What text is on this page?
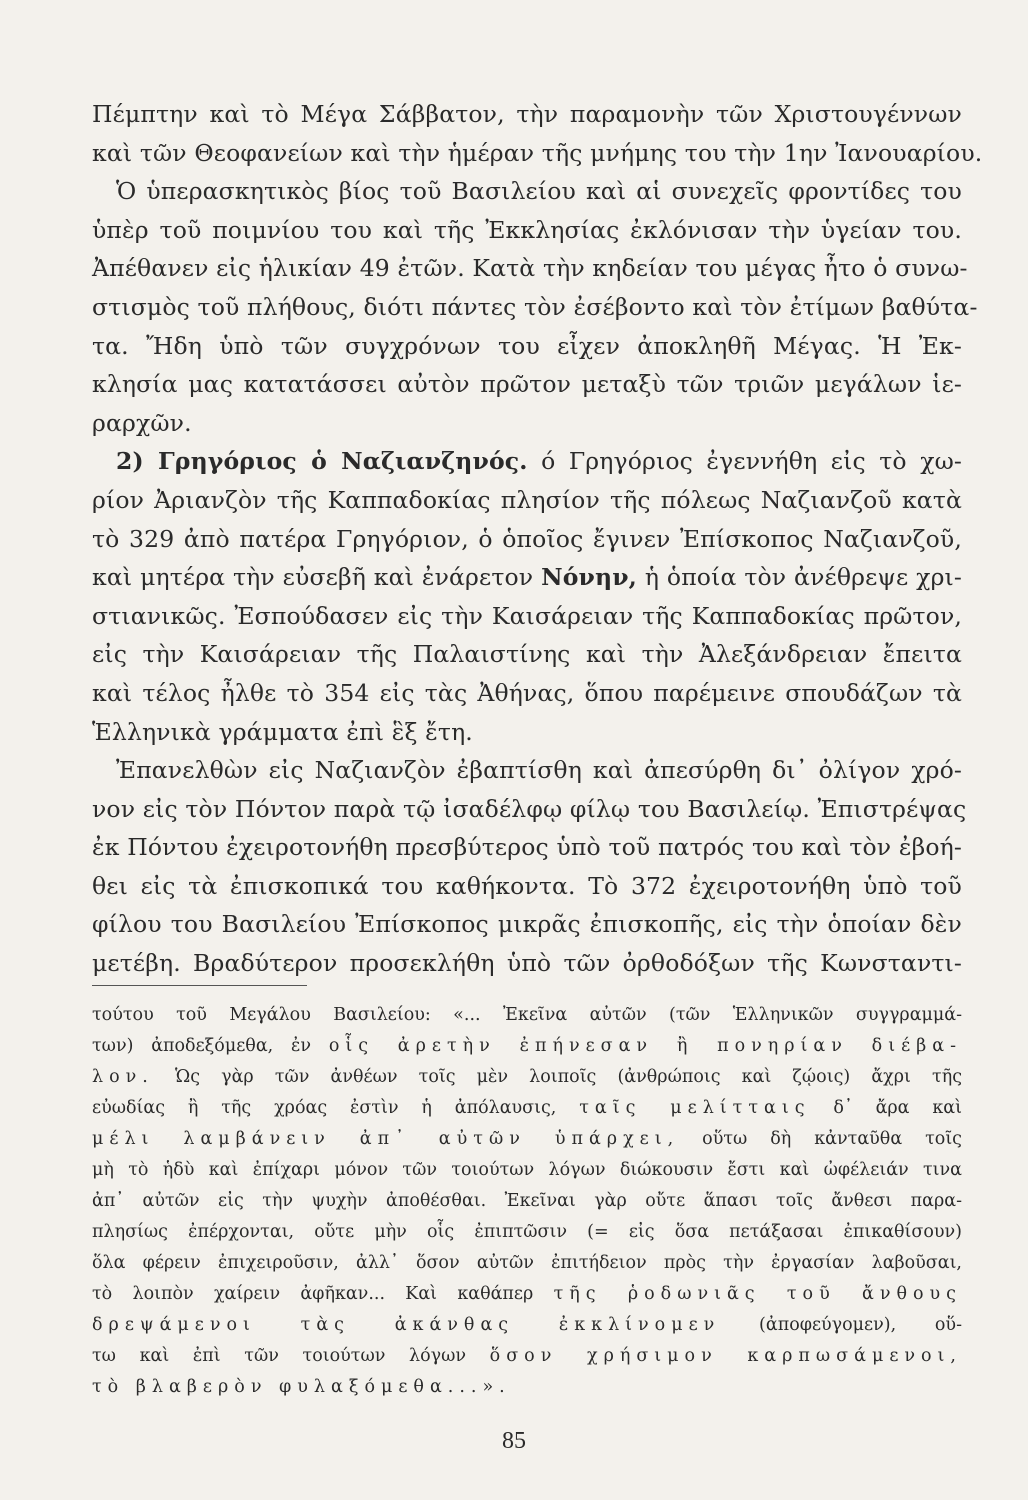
Πέμπτην καὶ τὸ Μέγα Σάββατον, τὴν παραμονὴν τῶν Χριστουγέννων
καὶ τῶν Θεοφανείων καὶ τὴν ἡμέραν τῆς μνήμης του τὴν 1ην Ἰανουαρίου.
Ὁ ὑπερασκητικὸς βίος τοῦ Βασιλείου καὶ αἱ συνεχεῖς φροντίδες του
ὑπὲρ τοῦ ποιμνίου του καὶ τῆς Ἐκκλησίας ἐκλόνισαν τὴν ὑγείαν του.
Ἀπέθανεν εἰς ἡλικίαν 49 ἐτῶν. Κατὰ τὴν κηδείαν του μέγας ἦτο ὁ συνω-
στισμὸς τοῦ πλήθους, διότι πάντες τὸν ἐσέβοντο καὶ τὸν ἐτίμων βαθύτα-
τα. Ἤδη ὑπὸ τῶν συγχρόνων του εἶχεν ἀποκληθῆ Μέγας. Ἡ Ἐκ-
κλησία μας κατατάσσει αὐτὸν πρῶτον μεταξὺ τῶν τριῶν μεγάλων ἱε-
ραρχῶν.
2) Γρηγόριος ὁ Ναζιανζηνός. ό Γρηγόριος ἐγεννήθη εἰς τὸ χω-
ρίον Ἀριανζὸν τῆς Καππαδοκίας πλησίον τῆς πόλεως Ναζιανζοῦ κατὰ
τὸ 329 ἀπὸ πατέρα Γρηγόριον, ὁ ὁποῖος ἔγινεν Ἐπίσκοπος Ναζιανζοῦ,
καὶ μητέρα τὴν εὐσεβῆ καὶ ἐνάρετον Νόνην, ἡ ὁποία τὸν ἀνέθρεψε χρι-
στιανικῶς. Ἐσπούδασεν εἰς τὴν Καισάρειαν τῆς Καππαδοκίας πρῶτον,
εἰς τὴν Καισάρειαν τῆς Παλαιστίνης καὶ τὴν Ἀλεξάνδρειαν ἔπειτα
καὶ τέλος ἦλθε τὸ 354 εἰς τὰς Ἀθήνας, ὅπου παρέμεινε σπουδάζων τὰ
Ἑλληνικὰ γράμματα ἐπὶ ἓξ ἔτη.
Ἐπανελθὼν εἰς Ναζιανζὸν ἐβαπτίσθη καὶ ἀπεσύρθη δι᾿ ὀλίγον χρό-
νον εἰς τὸν Πόντον παρὰ τῷ ἰσαδέλφῳ φίλῳ του Βασιλείῳ. Ἐπιστρέψας
ἐκ Πόντου ἐχειροτονήθη πρεσβύτερος ὑπὸ τοῦ πατρός του καὶ τὸν ἐβοή-
θει εἰς τὰ ἐπισκοπικά του καθήκοντα. Τὸ 372 ἐχειροτονήθη ὑπὸ τοῦ
φίλου του Βασιλείου Ἐπίσκοπος μικρᾶς ἐπισκοπῆς, εἰς τὴν ὁποίαν δὲν
μετέβη. Βραδύτερον προσεκλήθη ὑπὸ τῶν ὀρθοδόξων τῆς Κωνσταντι-
τούτου τοῦ Μεγάλου Βασιλείου: «... Ἐκεῖνα αὐτῶν (τῶν Ἑλληνικῶν συγγραμμά-
των) ἀποδεξόμεθα, ἐν οἷς ἀρετὴν ἐπήνεσαν ἢ πονηρίαν διέβα-
λον. Ὡς γὰρ τῶν ἀνθέων τοῖς μὲν λοιποῖς (ἀνθρώποις καὶ ζῴοις) ἄχρι τῆς
εὐωδίας ἢ τῆς χρόας ἐστὶν ἡ ἀπόλαυσις, ταῖς μελίτταις δ᾿ ἄρα καὶ
μέλι λαμβάνειν ἀπ᾿ αὐτῶν ὑπάρχει, οὕτω δὴ κἀνταῦθα τοῖς
μὴ τὸ ἡδὺ καὶ ἐπίχαρι μόνον τῶν τοιούτων λόγων διώκουσιν ἔστι καὶ ὠφέλειάν τινα
ἀπ᾿ αὐτῶν εἰς τὴν ψυχὴν ἀποθέσθαι. Ἐκεῖναι γὰρ οὔτε ἅπασι τοῖς ἄνθεσι παρα-
πλησίως ἐπέρχονται, οὔτε μὴν οἷς ἐπιπτῶσιν (= εἰς ὅσα πετάξασαι ἐπικαθίσουν)
ὅλα φέρειν ἐπιχειροῦσιν, ἀλλ᾿ ὅσον αὐτῶν ἐπιτήδειον πρὸς τὴν ἐργασίαν λαβοῦσαι,
τὸ λοιπὸν χαίρειν ἀφῆκαν... Καὶ καθάπερ τῆς ῥοδωνιᾶς τοῦ ἄνθους
δρεψάμενοι τὰς ἀκάνθας ἐκκλίνομεν (ἀποφεύγομεν), οὕ-
τω καὶ ἐπὶ τῶν τοιούτων λόγων ὅσον χρήσιμον καρπωσάμενοι,
τὸ βλαβερὸν φυλαξόμεθα...».
85
